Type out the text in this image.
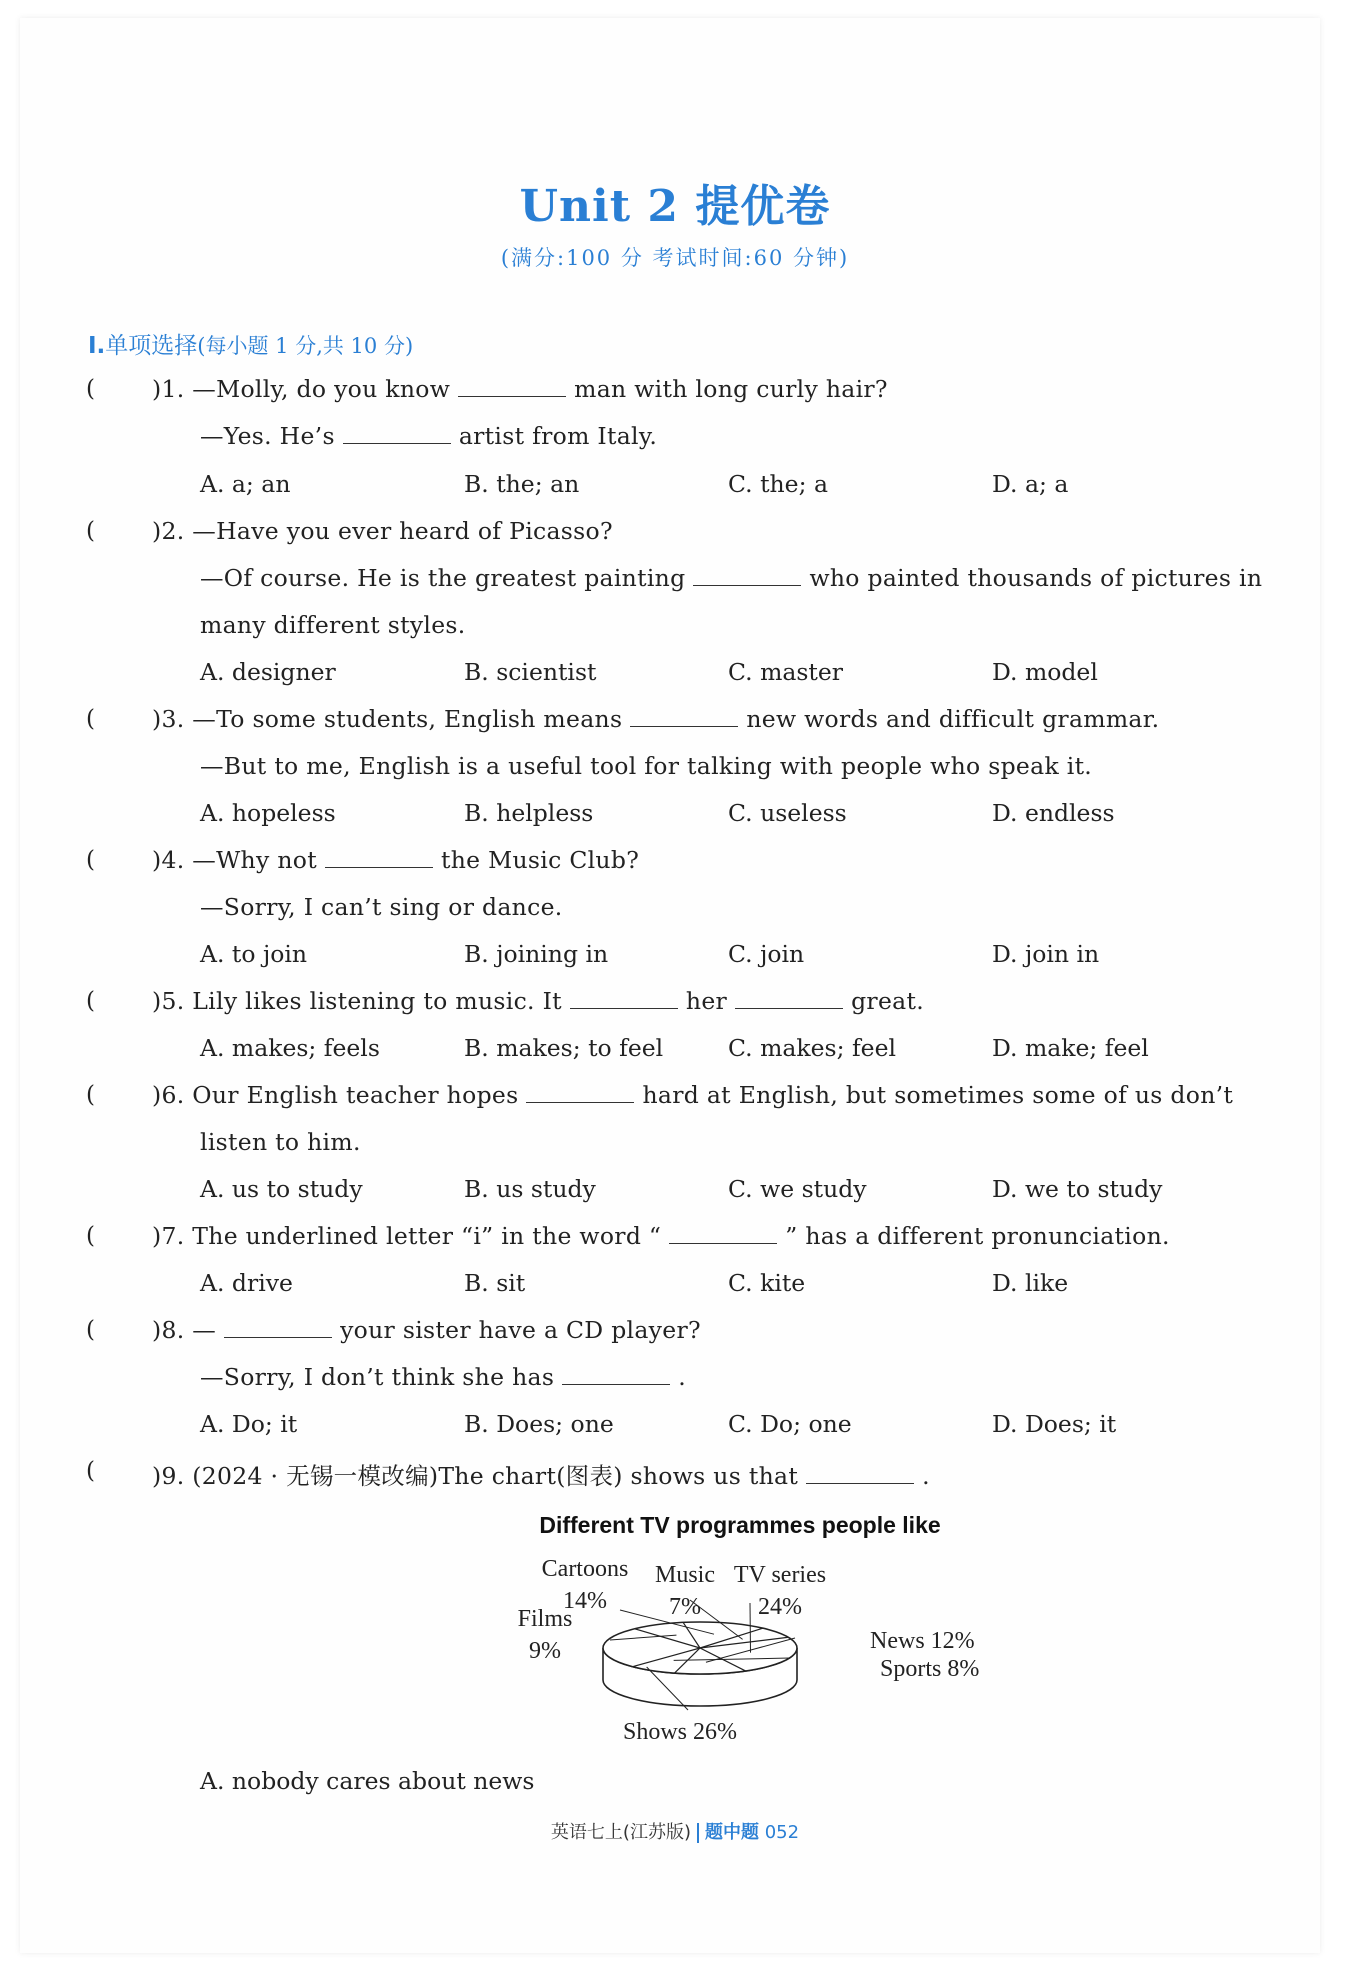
Unit 2 提优卷
(满分:100 分 考试时间:60 分钟)
Ⅰ.单项选择(每小题 1 分,共 10 分)
( )1. —Molly, do you know	man with long curly hair?
—Yes. He’s	artist from Italy.
A. a; an	B. the; an	C. the; a	D. a; a
( )2. —Have you ever heard of Picasso?
—Of course. He is the greatest painting	who painted thousands of pictures in
many different styles.
A. designer	B. scientist	C. master	D. model
( )3. —To some students, English means	new words and difficult grammar.
—But to me, English is a useful tool for talking with people who speak it.
A. hopeless	B. helpless	C. useless	D. endless
( )4. —Why not	the Music Club?
—Sorry, I can’t sing or dance.
A. to join	B. joining in	C. join	D. join in
( )5. Lily likes listening to music. It	her	great.
A. makes; feels	B. makes; to feel	C. makes; feel	D. make; feel
( )6. Our English teacher hopes	hard at English, but sometimes some of us don’t
listen to him.
A. us to study	B. us study	C. we study	D. we to study
( )7. The underlined letter “i” in the word “	” has a different pronunciation.
A. drive	B. sit	C. kite	D. like
( )8. —	your sister have a CD player?
—Sorry, I don’t think she has	.
A. Do; it	B. Does; one	C. Do; one	D. Does; it
( )9. (2024 · 无锡一模改编)The chart(图表) shows us that	.
Different TV programmes people like
Cartoons 14%
Music 7%
TV series 24%
News 12%
Sports 8%
Shows 26%
Films 9%
A. nobody cares about news
英语七上(江苏版) 题中题 052
